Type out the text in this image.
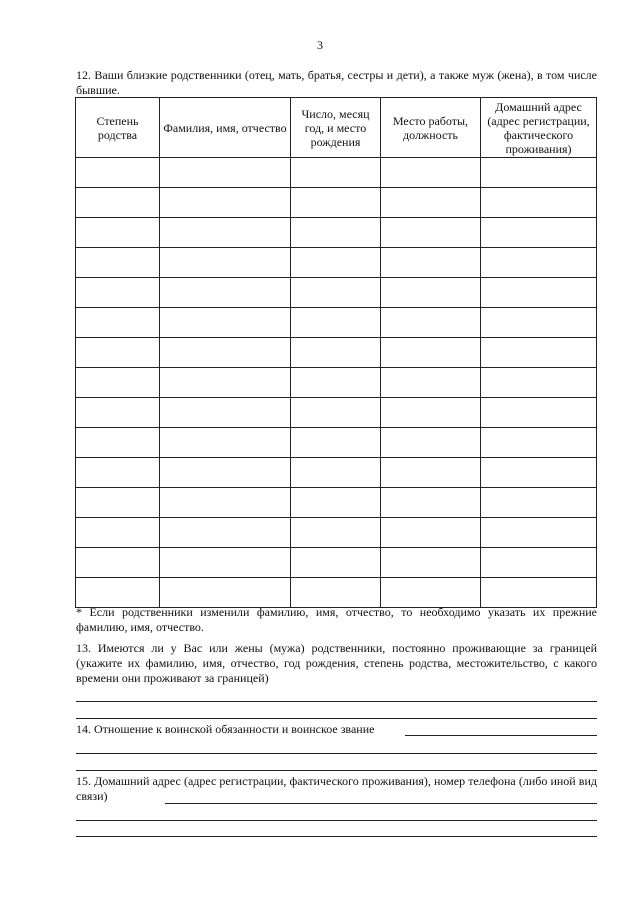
3
12. Ваши близкие родственники (отец, мать, братья, сестры и дети), а также муж (жена), в том числе бывшие.
Степень родства	Фамилия, имя, отчество	Число, месяц год, и место рождения	Место работы, должность	Домашний адрес (адрес регистрации, фактического проживания)

* Если родственники изменили фамилию, имя, отчество, то необходимо указать их прежние фамилию, имя, отчество.
13. Имеются ли у Вас или жены (мужа) родственники, постоянно проживающие за границей (укажите их фамилию, имя, отчество, год рождения, степень родства, местожительство, с какого времени они проживают за границей)
14. Отношение к воинской обязанности и воинское звание
15. Домашний адрес (адрес регистрации, фактического проживания), номер телефона (либо иной вид связи)
